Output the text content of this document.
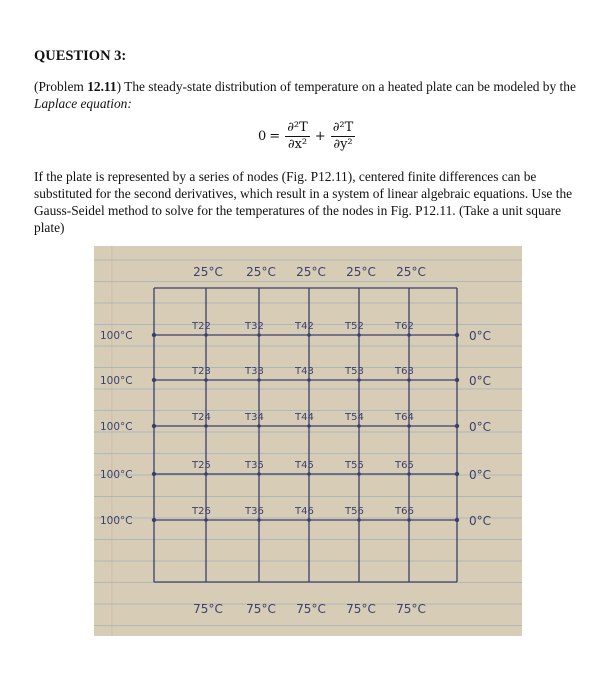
QUESTION 3:

(Problem 12.11) The steady-state distribution of temperature on a heated plate can be modeled by the Laplace equation:

$0 = \frac{\text{∂²T}}{\text{∂x²}} + \frac{\text{∂²T}}{\text{∂y²}}$

If the plate is represented by a series of nodes (Fig. P12.11), centered finite differences can be substituted for the second derivatives, which result in a system of linear algebraic equations. Use the Gauss-Seidel method to solve for the temperatures of the nodes in Fig. P12.11. (Take a unit square plate)

25°C 25°C 25°C 25°C 25°C
75°C 75°C 75°C 75°C 75°C
100°C
100°C
100°C
100°C
100°C
0°C
0°C
0°C
0°C
0°C
T22	T32	T42	T52	T62
T23	T33	T43	T53	T63
T24	T34	T44	T54	T64
T25	T35	T45	T55	T65
T26	T36	T46	T56	T66
